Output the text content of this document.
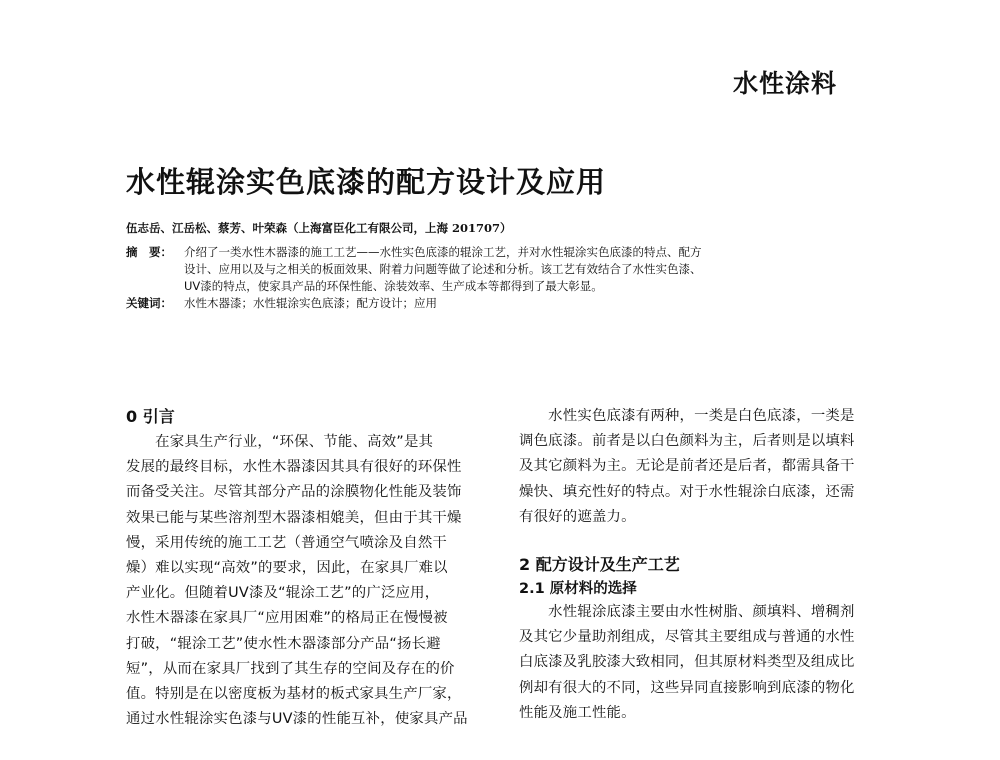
水性涂料
水性辊涂实色底漆的配方设计及应用
伍志岳、江岳松、蔡芳、叶荣森（上海富臣化工有限公司，上海 201707）
摘　要：	介绍了一类水性木器漆的施工工艺——水性实色底漆的辊涂工艺，并对水性辊涂实色底漆的特点、配方

设计、应用以及与之相关的板面效果、附着力问题等做了论述和分析。该工艺有效结合了水性实色漆、

UV漆的特点，使家具产品的环保性能、涂装效率、生产成本等都得到了最大彰显。

关键词：	水性木器漆；水性辊涂实色底漆；配方设计；应用

0 引言

　　在家具生产行业，“环保、节能、高效”是其

发展的最终目标，水性木器漆因其具有很好的环保性

而备受关注。尽管其部分产品的涂膜物化性能及装饰

效果已能与某些溶剂型木器漆相媲美，但由于其干燥

慢，采用传统的施工工艺（普通空气喷涂及自然干

燥）难以实现“高效”的要求，因此，在家具厂难以

产业化。但随着UV漆及“辊涂工艺”的广泛应用，

水性木器漆在家具厂“应用困难”的格局正在慢慢被

打破，“辊涂工艺”使水性木器漆部分产品“扬长避

短”，从而在家具厂找到了其生存的空间及存在的价

值。特别是在以密度板为基材的板式家具生产厂家，

通过水性辊涂实色漆与UV漆的性能互补，使家具产品

　　水性实色底漆有两种，一类是白色底漆，一类是

调色底漆。前者是以白色颜料为主，后者则是以填料

及其它颜料为主。无论是前者还是后者，都需具备干

燥快、填充性好的特点。对于水性辊涂白底漆，还需

有很好的遮盖力。

2 配方设计及生产工艺
2.1 原材料的选择

　　水性辊涂底漆主要由水性树脂、颜填料、增稠剂

及其它少量助剂组成，尽管其主要组成与普通的水性

白底漆及乳胶漆大致相同，但其原材料类型及组成比

例却有很大的不同，这些异同直接影响到底漆的物化

性能及施工性能。
